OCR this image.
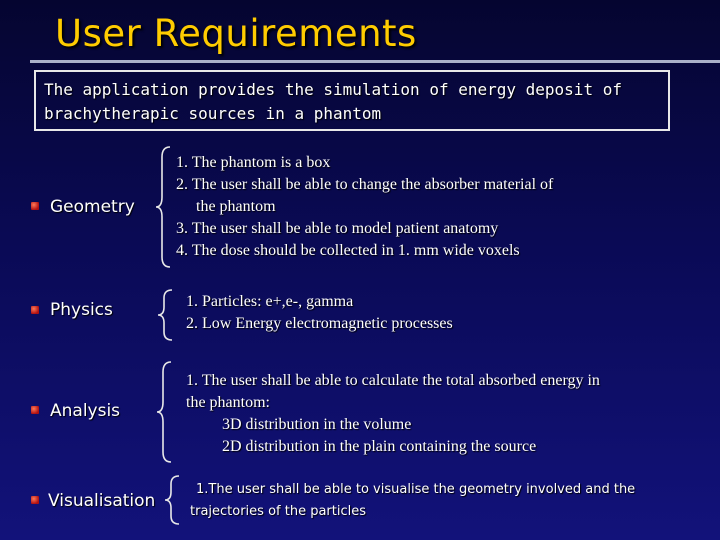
User Requirements
The application provides the simulation of energy deposit of
brachytherapic sources in a phantom
Geometry
1. The phantom is a box
2. The user shall be able to change the absorber material of
the phantom
3. The user shall be able to model patient anatomy
4. The dose should be collected in 1. mm wide voxels
Physics	1. Particles: e+,e-, gamma
2. Low Energy electromagnetic processes
Analysis
1. The user shall be able to calculate the total absorbed energy in
the phantom:
3D distribution in the volume
2D distribution in the plain containing the source
Visualisation
1.The user shall be able to visualise the geometry involved and the
trajectories of the particles
